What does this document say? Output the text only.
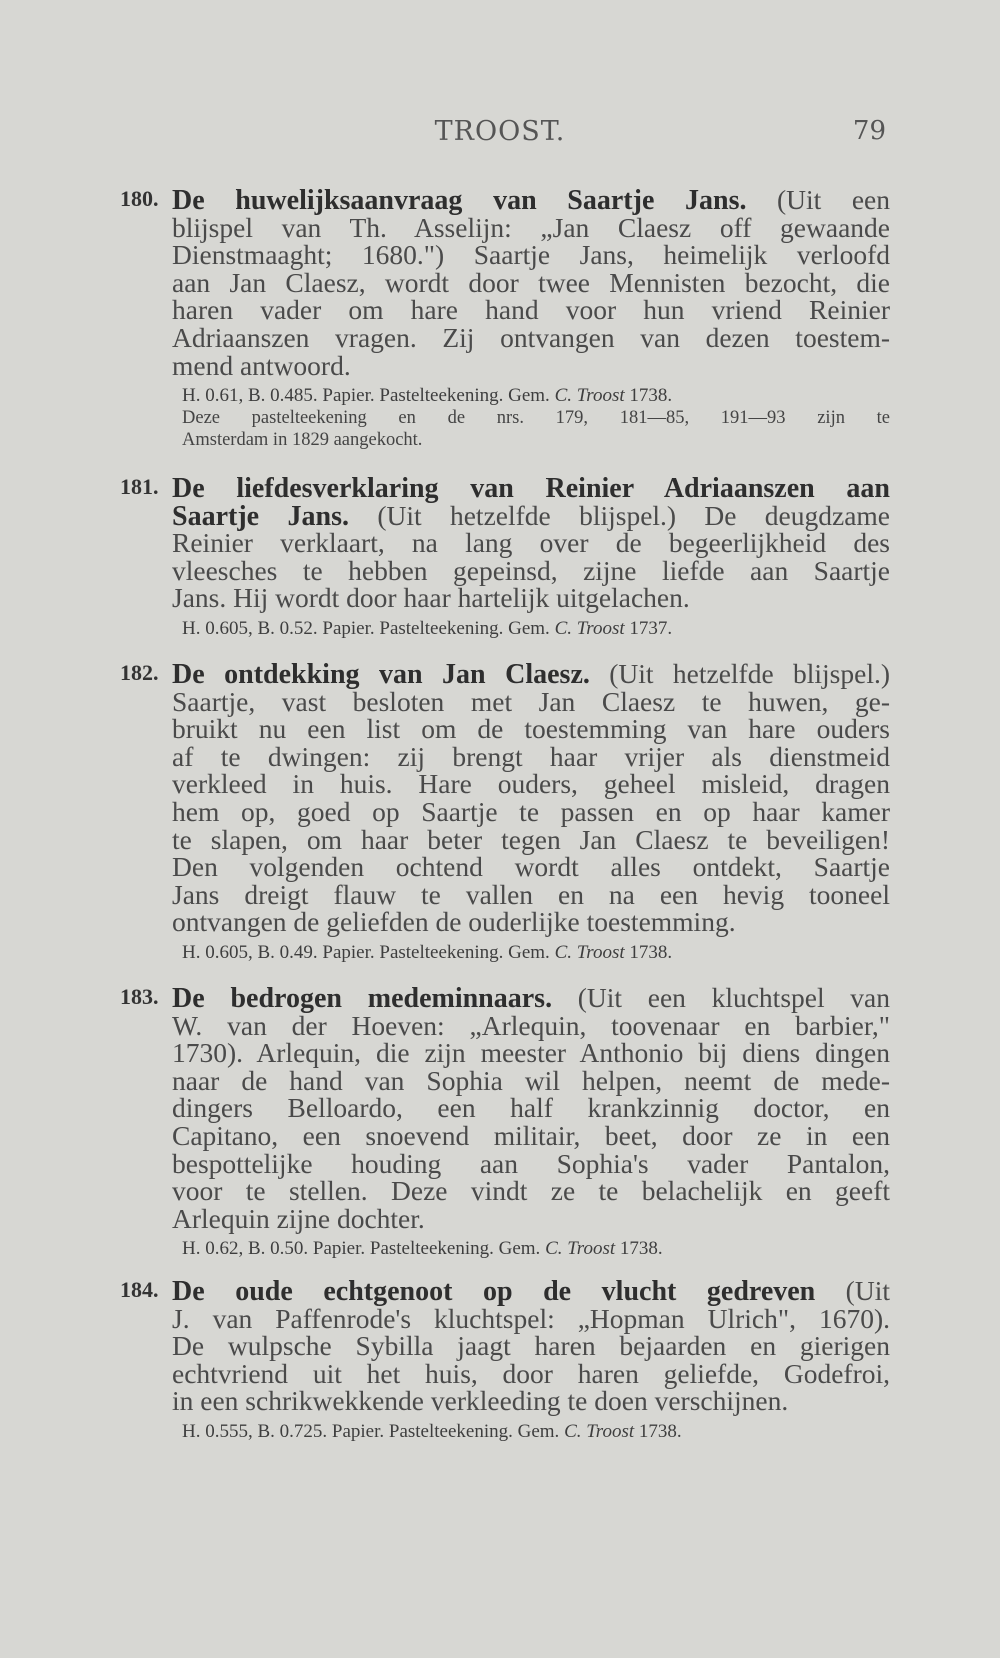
TROOST.	79
180. De huwelijksaanvraag van Saartje Jans. (Uit een
blijspel van Th. Asselijn: „Jan Claesz off gewaande
Dienstmaaght; 1680.") Saartje Jans, heimelijk verloofd
aan Jan Claesz, wordt door twee Mennisten bezocht, die
haren vader om hare hand voor hun vriend Reinier
Adriaanszen vragen. Zij ontvangen van dezen toestem-
mend antwoord.
H. 0.61, B. 0.485. Papier. Pastelteekening. Gem. C. Troost 1738.
Deze pastelteekening en de nrs. 179, 181—85, 191—93 zijn te
Amsterdam in 1829 aangekocht.
181. De liefdesverklaring van Reinier Adriaanszen aan
Saartje Jans. (Uit hetzelfde blijspel.) De deugdzame
Reinier verklaart, na lang over de begeerlijkheid des
vleesches te hebben gepeinsd, zijne liefde aan Saartje
Jans. Hij wordt door haar hartelijk uitgelachen.
H. 0.605, B. 0.52. Papier. Pastelteekening. Gem. C. Troost 1737.
182. De ontdekking van Jan Claesz. (Uit hetzelfde blijspel.)
Saartje, vast besloten met Jan Claesz te huwen, ge-
bruikt nu een list om de toestemming van hare ouders
af te dwingen: zij brengt haar vrijer als dienstmeid
verkleed in huis. Hare ouders, geheel misleid, dragen
hem op, goed op Saartje te passen en op haar kamer
te slapen, om haar beter tegen Jan Claesz te beveiligen!
Den volgenden ochtend wordt alles ontdekt, Saartje
Jans dreigt flauw te vallen en na een hevig tooneel
ontvangen de geliefden de ouderlijke toestemming.
H. 0.605, B. 0.49. Papier. Pastelteekening. Gem. C. Troost 1738.
183. De bedrogen medeminnaars. (Uit een kluchtspel van
W. van der Hoeven: „Arlequin, toovenaar en barbier,"
1730). Arlequin, die zijn meester Anthonio bij diens dingen
naar de hand van Sophia wil helpen, neemt de mede-
dingers Belloardo, een half krankzinnig doctor, en
Capitano, een snoevend militair, beet, door ze in een
bespottelijke houding aan Sophia's vader Pantalon,
voor te stellen. Deze vindt ze te belachelijk en geeft
Arlequin zijne dochter.
H. 0.62, B. 0.50. Papier. Pastelteekening. Gem. C. Troost 1738.
184. De oude echtgenoot op de vlucht gedreven (Uit
J. van Paffenrode's kluchtspel: „Hopman Ulrich", 1670).
De wulpsche Sybilla jaagt haren bejaarden en gierigen
echtvriend uit het huis, door haren geliefde, Godefroi,
in een schrikwekkende verkleeding te doen verschijnen.
H. 0.555, B. 0.725. Papier. Pastelteekening. Gem. C. Troost 1738.
